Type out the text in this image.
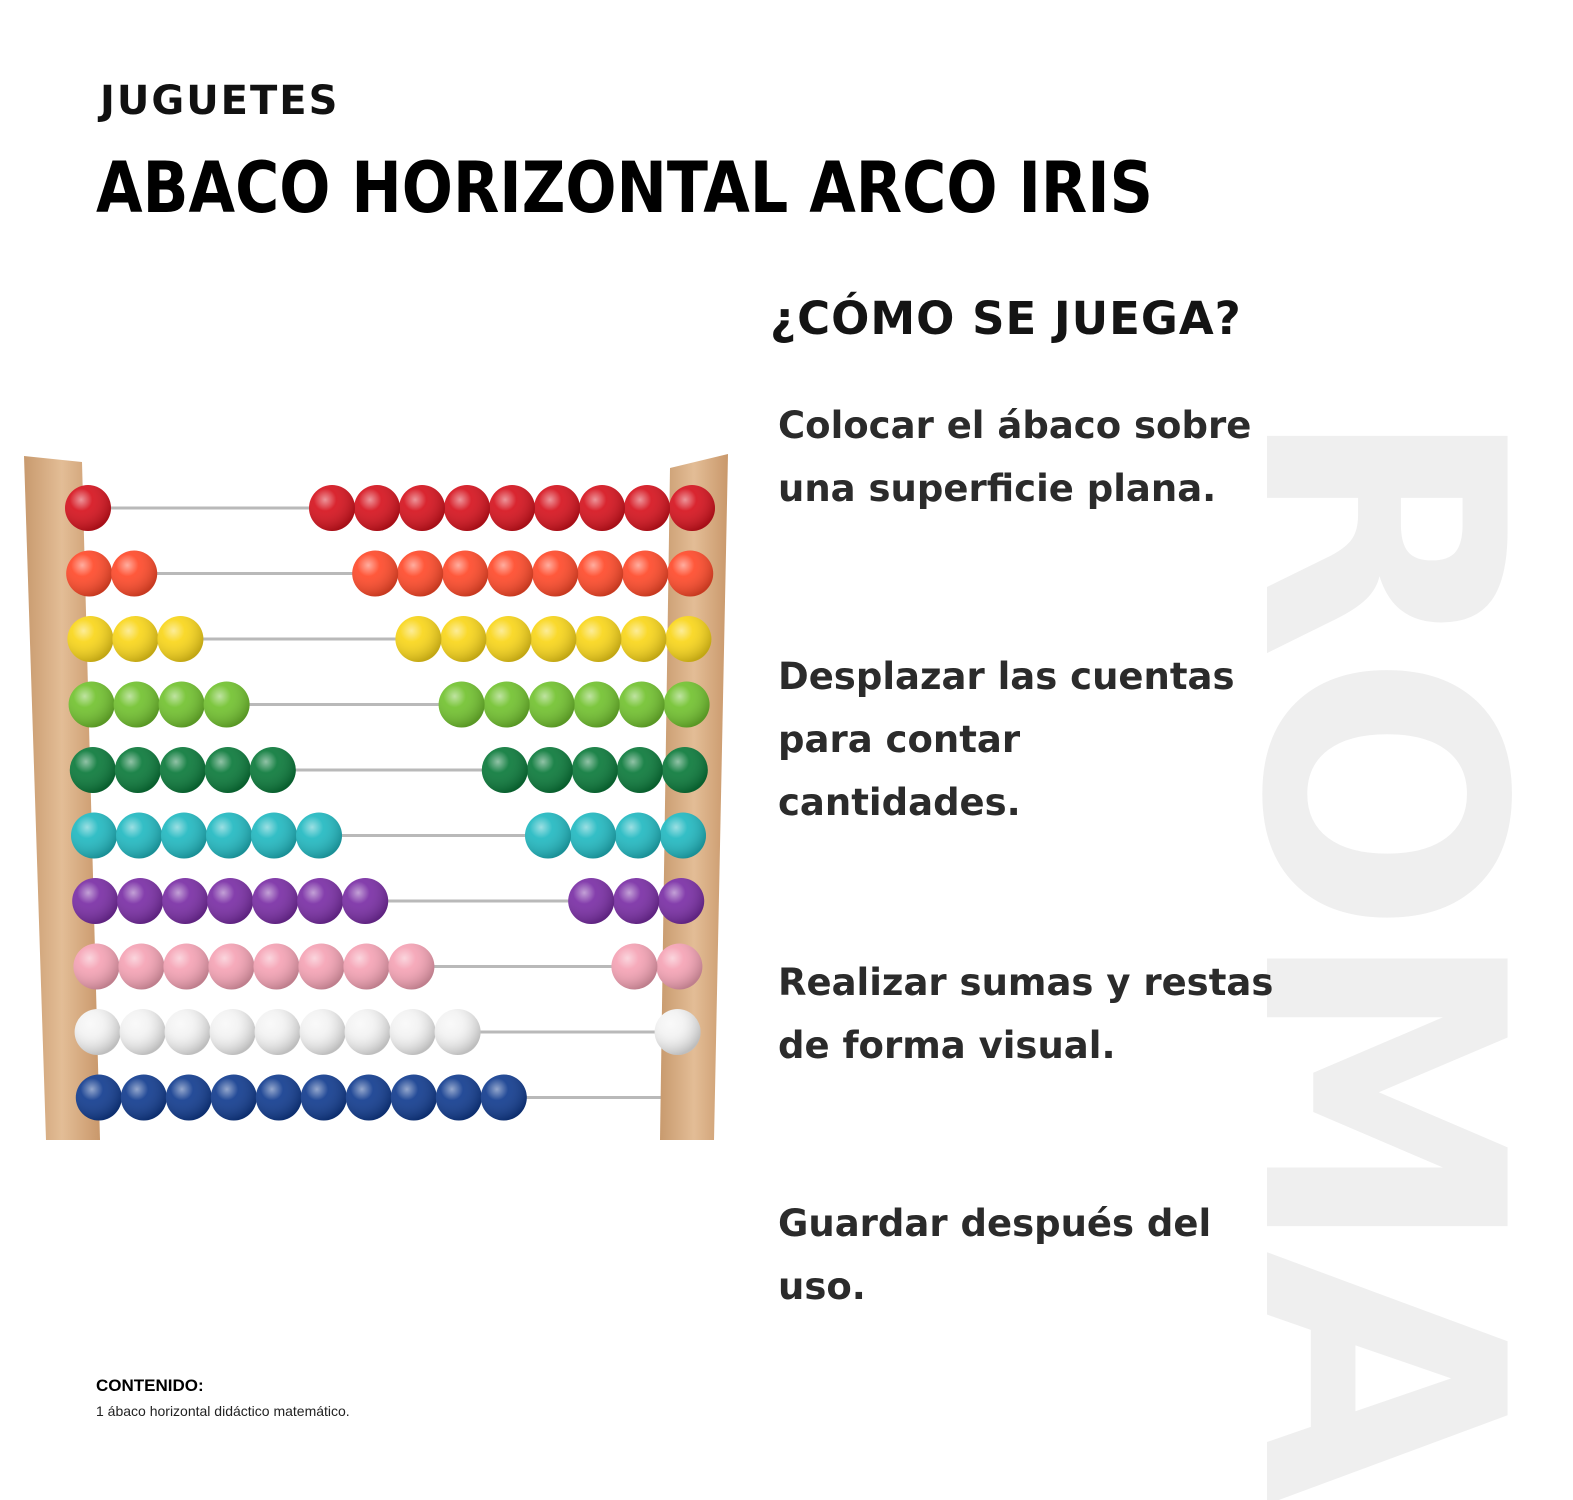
ROMA
JUGUETES
ABACO HORIZONTAL ARCO IRIS
¿CÓMO SE JUEGA?
Colocar el ábaco sobre una superficie plana.
Desplazar las cuentas para contar cantidades.
Realizar sumas y restas de forma visual.
Guardar después del uso.
CONTENIDO:
1 ábaco horizontal didáctico matemático.
